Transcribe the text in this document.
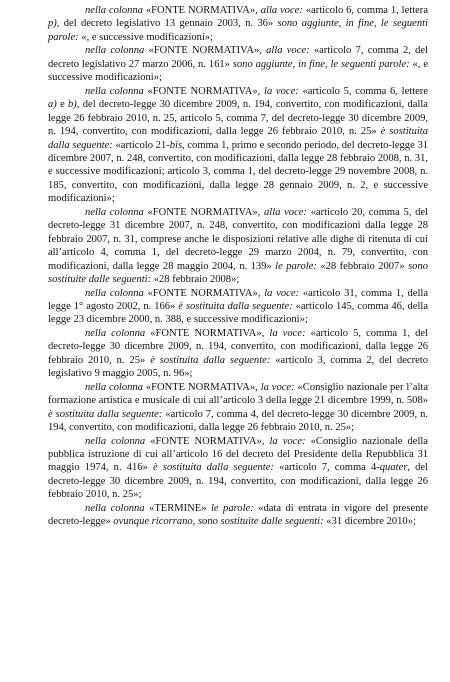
nella colonna «FONTE NORMATIVA», alla voce: «articolo 6, comma 1, lettera p), del decreto legislativo 13 gennaio 2003, n. 36» sono aggiunte, in fine, le seguenti parole: «, e successive modificazioni»;

nella colonna «FONTE NORMATIVA», alla voce: «articolo 7, comma 2, del decreto legislativo 27 marzo 2006, n. 161» sono aggiunte, in fine, le seguenti parole: «, e successive modificazioni»;

nella colonna «FONTE NORMATIVA», la voce: «articolo 5, comma 6, lettere a) e b), del decreto-legge 30 dicembre 2009, n. 194, convertito, con modificazioni, dalla legge 26 febbraio 2010, n. 25, articolo 5, comma 7, del decreto-legge 30 dicembre 2009, n. 194, convertito, con modificazioni, dalla legge 26 febbraio 2010, n. 25» è sostituita dalla seguente: «articolo 21-bis, comma 1, primo e secondo periodo, del decreto-legge 31 dicembre 2007, n. 248, convertito, con modificazioni, dalla legge 28 febbraio 2008, n. 31, e successive modificazioni; articolo 3, comma 1, del decreto-legge 29 novembre 2008, n. 185, convertito, con modificazioni, dalla legge 28 gennaio 2009, n. 2, e successive modificazioni»;

nella colonna «FONTE NORMATIVA», alla voce: «articolo 20, comma 5, del decreto-legge 31 dicembre 2007, n. 248, convertito, con modificazioni dalla legge 28 febbraio 2007, n. 31, comprese anche le disposizioni relative alle dighe di ritenuta di cui all’articolo 4, comma 1, del decreto-legge 29 marzo 2004, n. 79, convertito, con modificazioni, dalla legge 28 maggio 2004, n. 139» le parole: «28 febbraio 2007» sono sostituite dalle seguenti: «28 febbraio 2008»;

nella colonna «FONTE NORMATIVA», la voce: «articolo 31, comma 1, della legge 1° agosto 2002, n. 166» è sostituita dalla seguente: «articolo 145, comma 46, della legge 23 dicembre 2000, n. 388, e successive modificazioni»;

nella colonna «FONTE NORMATIVA», la voce: «articolo 5, comma 1, del decreto-legge 30 dicembre 2009, n. 194, convertito, con modificazioni, dalla legge 26 febbraio 2010, n. 25» è sostituita dalla seguente: «articolo 3, comma 2, del decreto legislativo 9 maggio 2005, n. 96»;

nella colonna «FONTE NORMATIVA», la voce: «Consiglio nazionale per l’alta formazione artistica e musicale di cui all’articolo 3 della legge 21 dicembre 1999, n. 508» è sostituita dalla seguente: «articolo 7, comma 4, del decreto-legge 30 dicembre 2009, n. 194, convertito, con modificazioni, dalla legge 26 febbraio 2010, n. 25»;

nella colonna «FONTE NORMATIVA», la voce: «Consiglio nazionale della pubblica istruzione di cui all’articolo 16 del decreto del Presidente della Repubblica 31 maggio 1974, n. 416» è sostituita dalla seguente: «articolo 7, comma 4-quater, del decreto-legge 30 dicembre 2009, n. 194, convertito, con modificazioni, dalla legge 26 febbraio 2010, n. 25»;

nella colonna «TERMINE» le parole: «data di entrata in vigore del presente decreto-legge» ovunque ricorrano, sono sostituite dalle seguenti: «31 dicembre 2010»;
